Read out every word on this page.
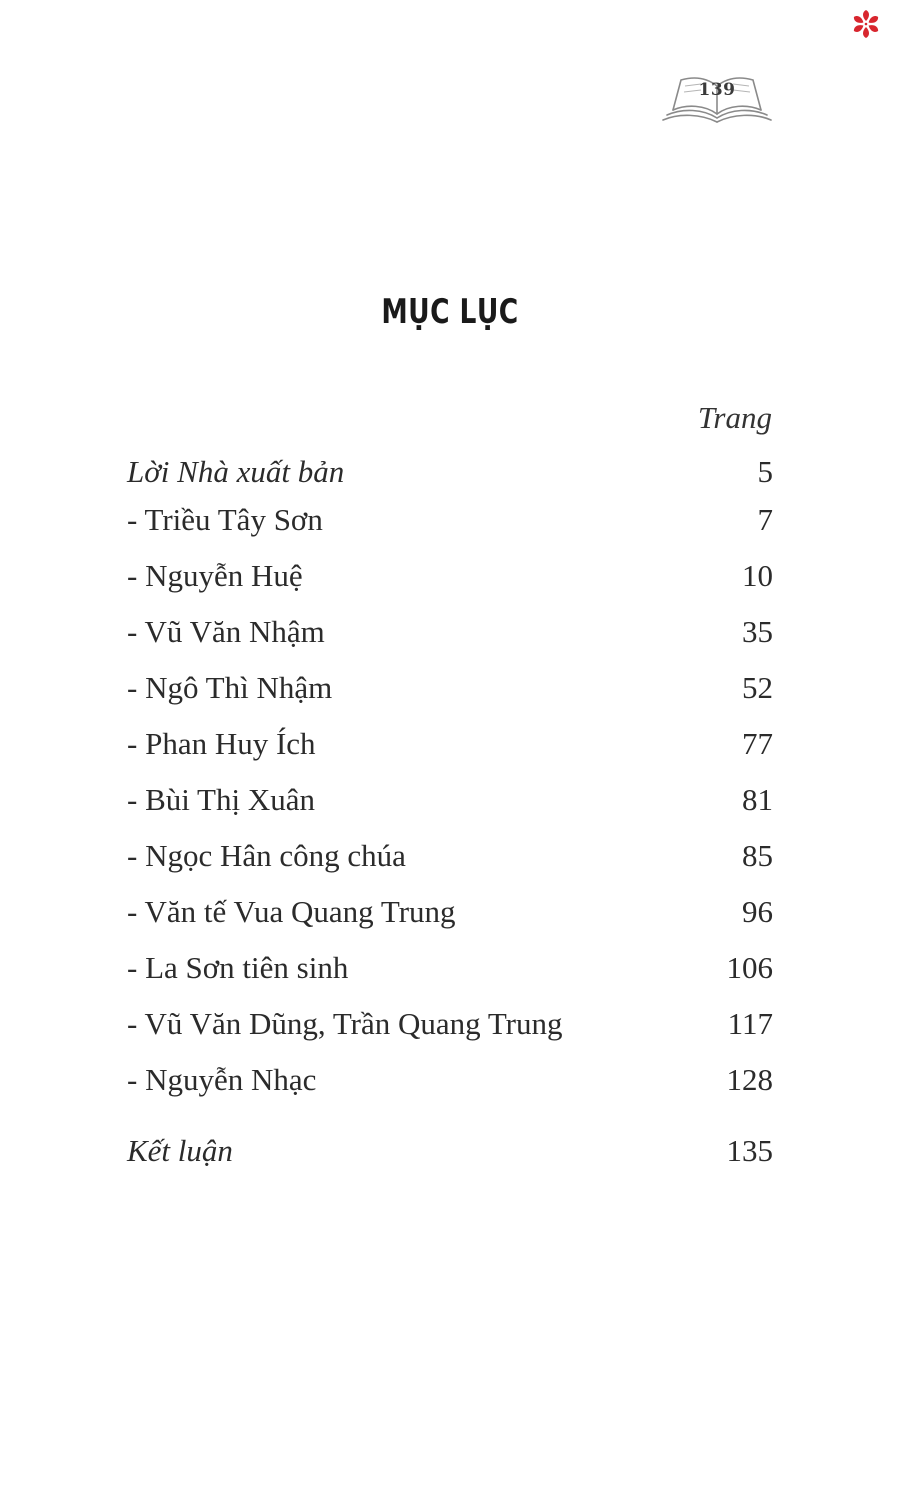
139
MỤC LỤC
Trang
Lời Nhà xuất bản	5
- Triều Tây Sơn	7
- Nguyễn Huệ	10
- Vũ Văn Nhậm	35
- Ngô Thì Nhậm	52
- Phan Huy Ích	77
- Bùi Thị Xuân	81
- Ngọc Hân công chúa	85
- Văn tế Vua Quang Trung	96
- La Sơn tiên sinh	106
- Vũ Văn Dũng, Trần Quang Trung	117
- Nguyễn Nhạc	128
Kết luận	135
